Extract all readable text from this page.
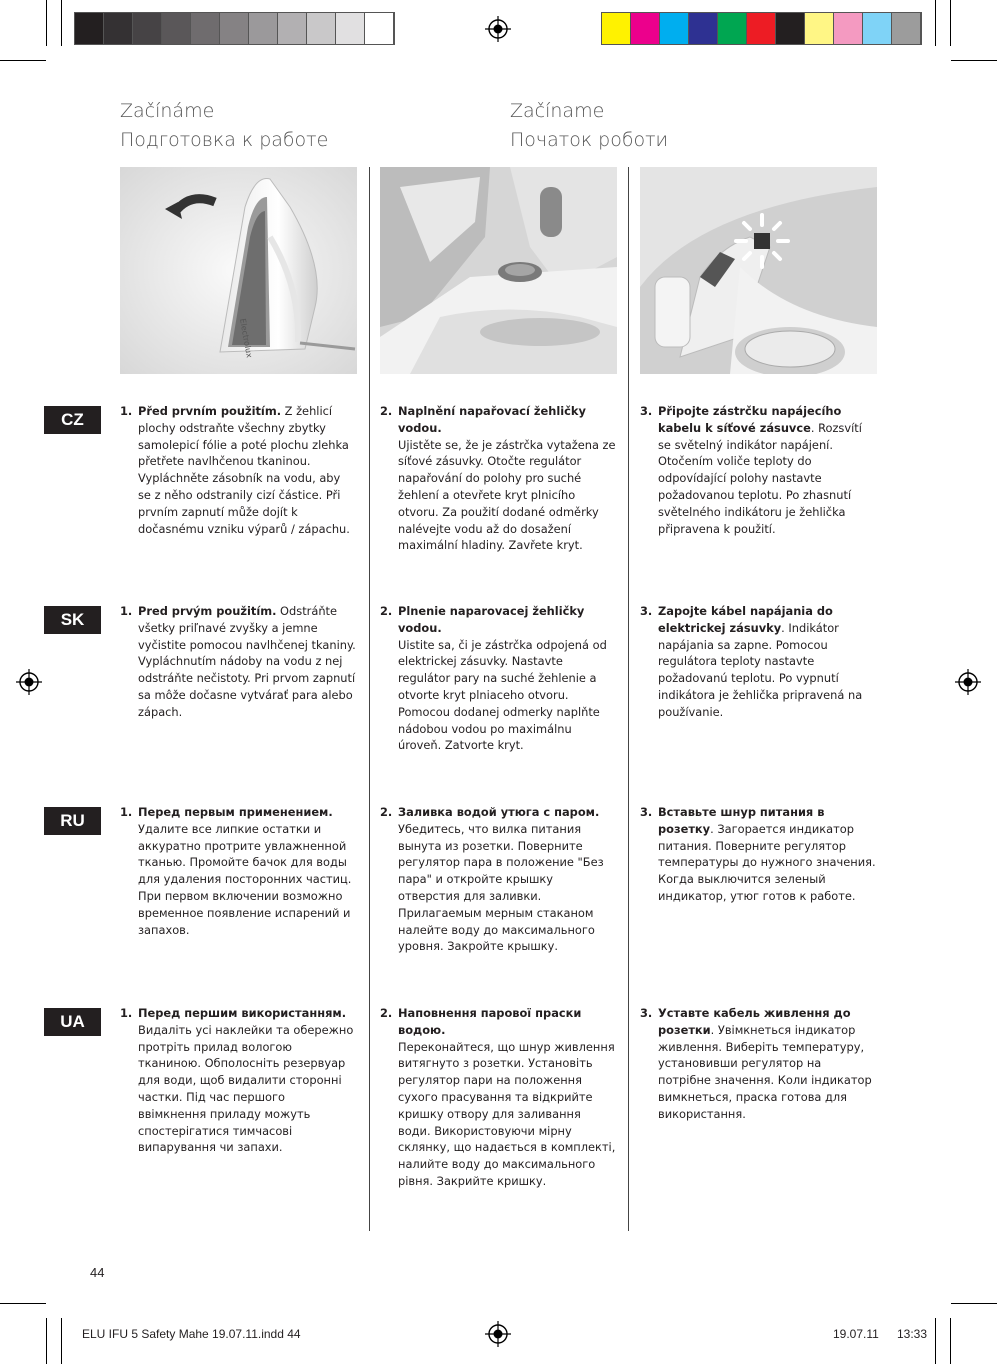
Začínáme
Подготовка к работе
Začíname
Початок роботи
Electrolux
CZ	1. Před prvním použitím. Z žehlicí plochy odstraňte všechny zbytky samolepicí fólie a poté plochu zlehka přetřete navlhčenou tkaninou. Vypláchněte zásobník na vodu, aby se z něho odstranily cizí částice. Při prvním zapnutí může dojít k dočasnému vzniku výparů / zápachu.
2. Naplnění napařovací žehličky vodou.
Ujistěte se, že je zástrčka vytažena ze síťové zásuvky. Otočte regulátor napařování do polohy pro suché žehlení a otevřete kryt plnicího otvoru. Za použití dodané odměrky nalévejte vodu až do dosažení maximální hladiny. Zavřete kryt.
3. Připojte zástrčku napájecího kabelu k síťové zásuvce. Rozsvítí se světelný indikátor napájení. Otočením voliče teploty do odpovídající polohy nastavte požadovanou teplotu. Po zhasnutí světelného indikátoru je žehlička připravena k použití.
SK	1. Pred prvým použitím. Odstráňte všetky priľnavé zvyšky a jemne vyčistite pomocou navlhčenej tkaniny. Vypláchnutím nádoby na vodu z nej odstráňte nečistoty. Pri prvom zapnutí sa môže dočasne vytvárať para alebo zápach.
2. Plnenie naparovacej žehličky vodou.
Uistite sa, či je zástrčka odpojená od elektrickej zásuvky. Nastavte regulátor pary na suché žehlenie a otvorte kryt plniaceho otvoru. Pomocou dodanej odmerky naplňte nádobou vodou po maximálnu úroveň. Zatvorte kryt.
3. Zapojte kábel napájania do elektrickej zásuvky. Indikátor napájania sa zapne. Pomocou regulátora teploty nastavte požadovanú teplotu. Po vypnutí indikátora je žehlička pripravená na používanie.
RU	1. Перед первым применением.
Удалите все липкие остатки и аккуратно протрите увлажненной тканью. Промойте бачок для воды для удаления посторонних частиц. При первом включении возможно временное появление испарений и запахов.
2. Заливка водой утюга с паром.
Убедитесь, что вилка питания вынута из розетки. Поверните регулятор пара в положение "Без пара" и откройте крышку отверстия для заливки. Прилагаемым мерным стаканом налейте воду до максимального уровня. Закройте крышку.
3. Вставьте шнур питания в розетку. Загорается индикатор питания. Поверните регулятор температуры до нужного значения. Когда выключится зеленый индикатор, утюг готов к работе.
UA	1. Перед першим використанням.
Видаліть усі наклейки та обережно протріть прилад вологою тканиною. Обполосніть резервуар для води, щоб видалити сторонні частки. Під час першого ввімкнення приладу можуть спостерігатися тимчасові випарування чи запахи.
2. Наповнення парової праски водою.
Переконайтеся, що шнур живлення витягнуто з розетки. Установіть регулятор пари на положення сухого прасування та відкрийте кришку отвору для заливання води. Використовуючи мірну склянку, що надається в комплекті, налийте воду до максимального рівня. Закрийте кришку.
3. Уставте кабель живлення до розетки. Увімкнеться індикатор живлення. Виберіть температуру, установивши регулятор на потрібне значення. Коли індикатор вимкнеться, праска готова для використання.
44
ELU IFU 5 Safety Mahe 19.07.11.indd 44	19.07.11 13:33
